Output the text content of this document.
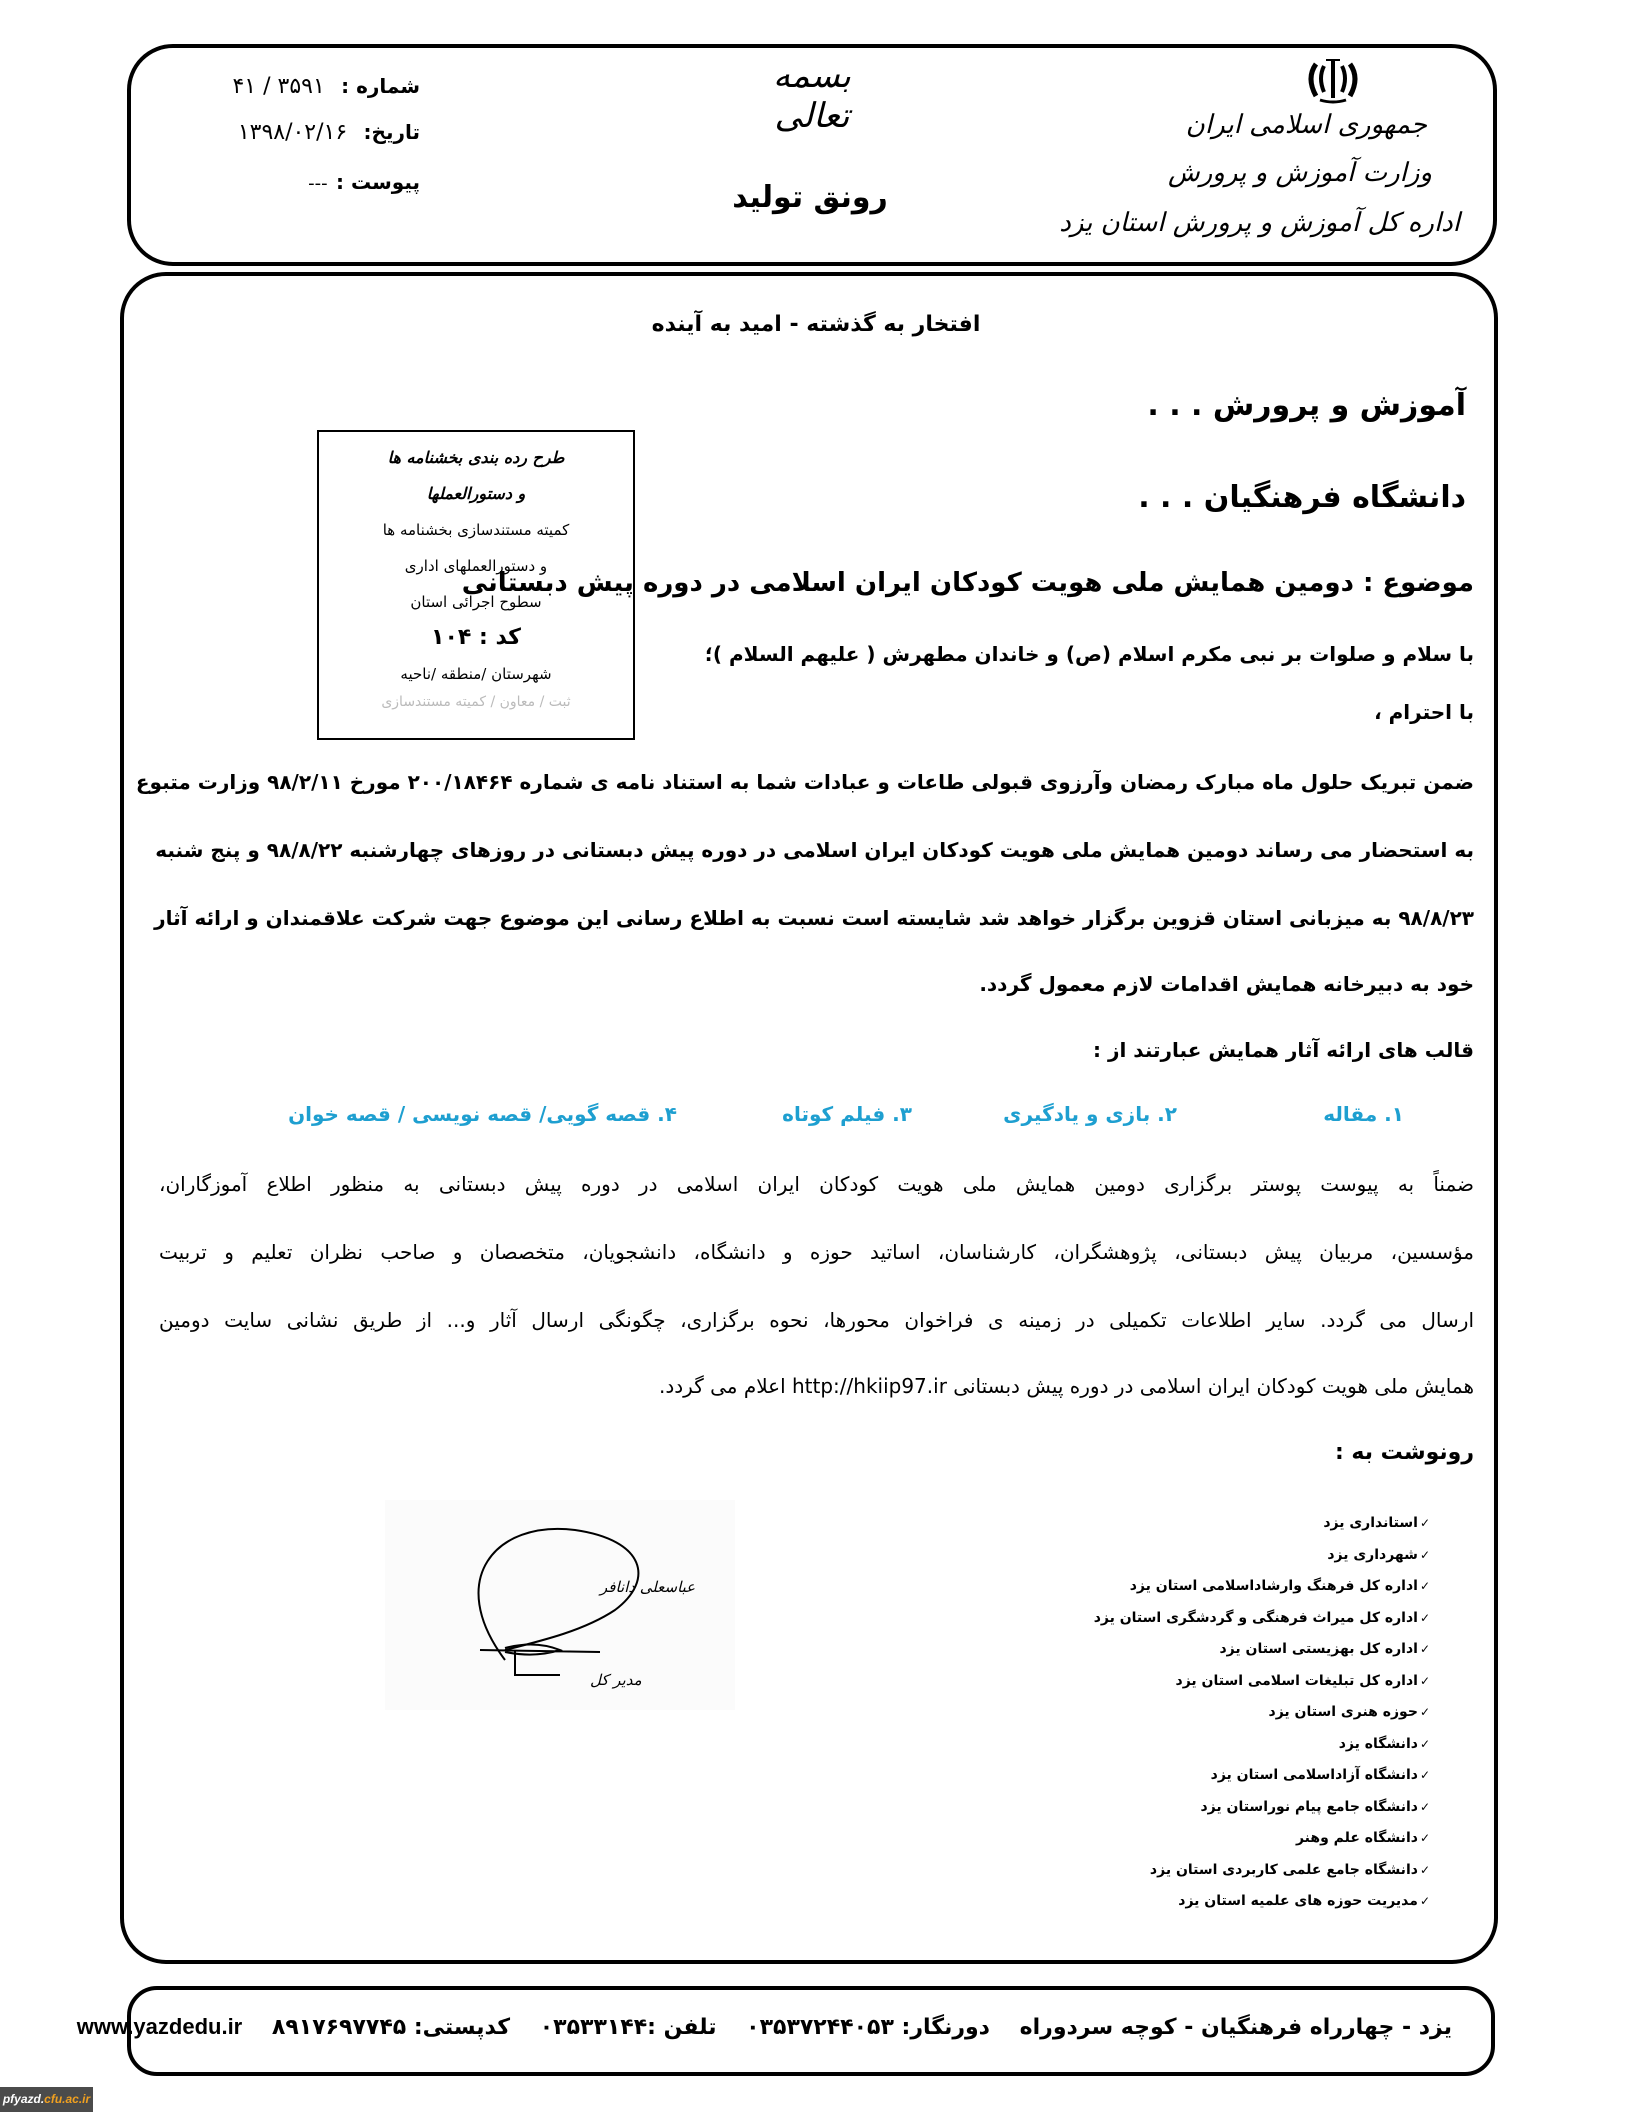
جمهوری اسلامی ایران
وزارت آموزش و پرورش
اداره کل آموزش و پرورش استان یزد
بسمه تعالی
رونق تولید
شماره : ۳۵۹۱ / ۴۱
تاریخ: ۱۳۹۸/۰۲/۱۶
پیوست : ---
افتخار به گذشته - امید به آینده
آموزش و پرورش . . .
دانشگاه فرهنگیان . . .
طرح رده بندی بخشنامه ها
و دستورالعملها
کمیته مستندسازی بخشنامه ها
و دستورالعملهای اداری
سطوح اجرائی استان
کد : ۱۰۴
شهرستان /منطقه /ناحیه
ثبت / معاون / کمیته مستندسازی
موضوع : دومین همایش ملی هویت کودکان ایران اسلامی در دوره پیش دبستانی
با سلام و صلوات بر نبی مکرم اسلام (ص) و خاندان مطهرش ( علیهم السلام )؛
با احترام ،
ضمن تبریک حلول ماه مبارک رمضان وآرزوی قبولی طاعات و عبادات شما به استناد نامه ی شماره ۲۰۰/۱۸۴۶۴ مورخ ۹۸/۲/۱۱ وزارت متبوع
به استحضار می رساند دومین همایش ملی هویت کودکان ایران اسلامی در دوره پیش دبستانی در روزهای چهارشنبه ۹۸/۸/۲۲ و پنج شنبه
۹۸/۸/۲۳ به میزبانی استان قزوین برگزار خواهد شد شایسته است نسبت به اطلاع رسانی این موضوع جهت شرکت علاقمندان و ارائه آثار
خود به دبیرخانه همایش اقدامات لازم معمول گردد.
قالب های ارائه آثار همایش عبارتند از :
۱. مقاله
۲. بازی و یادگیری
۳. فیلم کوتاه
۴. قصه گویی/ قصه نویسی / قصه خوان
ضمناً به پیوست پوستر برگزاری دومین همایش ملی هویت کودکان ایران اسلامی در دوره پیش دبستانی به منظور اطلاع آموزگاران،
مؤسسین، مربیان پیش دبستانی، پژوهشگران، کارشناسان، اساتید حوزه و دانشگاه، دانشجویان، متخصصان و صاحب نظران تعلیم و تربیت
ارسال می گردد. سایر اطلاعات تکمیلی در زمینه ی فراخوان محورها، نحوه برگزاری، چگونگی ارسال آثار و... از طریق نشانی سایت دومین
همایش ملی هویت کودکان ایران اسلامی در دوره پیش دبستانی http://hkiip97.ir اعلام می گردد.
رونوشت به :
✓استانداری یزد
✓شهرداری یزد
✓اداره کل فرهنگ وارشاداسلامی استان یزد
✓اداره کل میراث فرهنگی و گردشگری استان یزد
✓اداره کل بهزیستی استان یزد
✓اداره کل تبلیغات اسلامی استان یزد
✓حوزه هنری استان یزد
✓دانشگاه یزد
✓دانشگاه آزاداسلامی استان یزد
✓دانشگاه جامع پیام نوراستان یزد
✓دانشگاه علم وهنر
✓دانشگاه جامع علمی کاربردی استان یزد
✓مدیریت حوزه های علمیه استان یزد
عباسعلی دانافر
مدیر کل
یزد - چهارراه فرهنگیان - کوچه سردوراه دورنگار: ۰۳۵۳۷۲۴۴۰۵۳ تلفن :۰۳۵۳۳۱۴۴ کدپستی: ۸۹۱۷۶۹۷۷۴۵ www.yazdedu.ir
pfyazd.cfu.ac.ir
